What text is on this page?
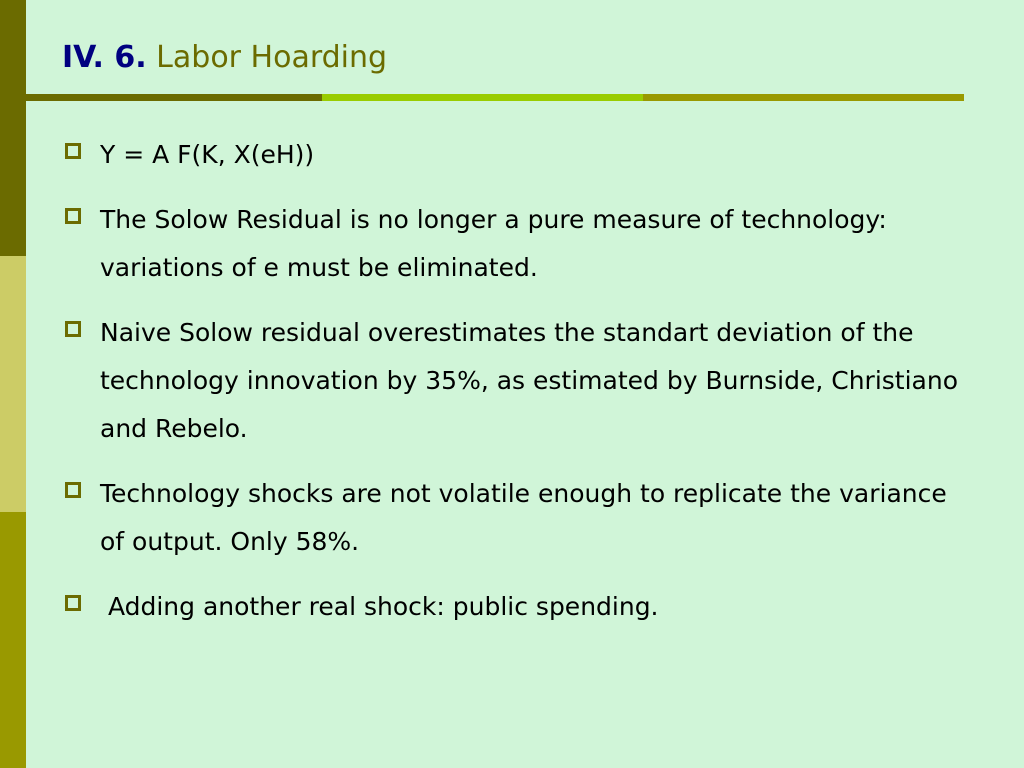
IV. 6. Labor Hoarding
Y = A F(K, X(eH))
The Solow Residual is no longer a pure measure of technology: variations of e must be eliminated.
Naive Solow residual overestimates the standart deviation of the technology innovation by 35%, as estimated by Burnside, Christiano and Rebelo.
Technology shocks are not volatile enough to replicate the variance of output. Only 58%.
Adding another real shock: public spending.
